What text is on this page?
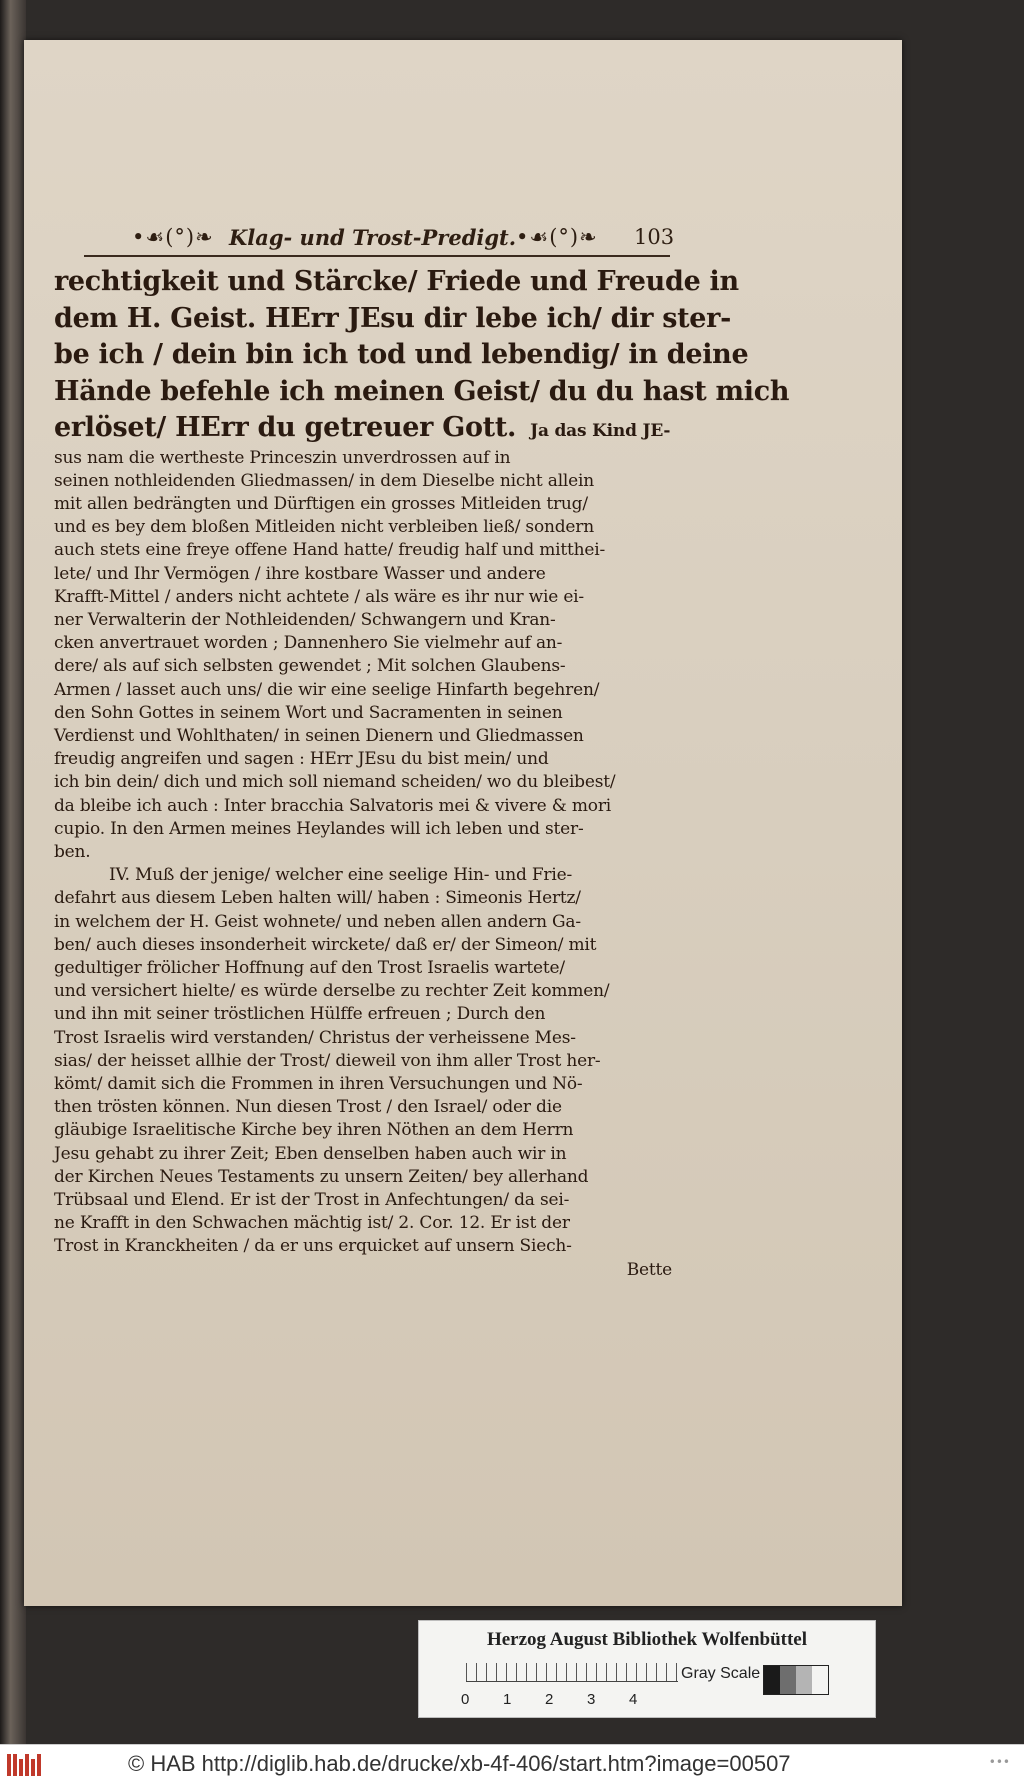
•☙(°)❧ Klag- und Trost-Predigt. •☙(°)❧ 103
rechtigkeit und Stärcke/ Friede und Freude in
dem H. Geist. HErr JEsu dir lebe ich/ dir ster-
be ich / dein bin ich tod und lebendig/ in deine
Hände befehle ich meinen Geist/ du du hast mich
erlöset/ HErr du getreuer Gott. Ja das Kind JE-
sus nam die wertheste Princeszin unverdrossen auf in
seinen nothleidenden Gliedmassen/ in dem Dieselbe nicht allein
mit allen bedrängten und Dürftigen ein grosses Mitleiden trug/
und es bey dem bloßen Mitleiden nicht verbleiben ließ/ sondern
auch stets eine freye offene Hand hatte/ freudig half und mitthei-
lete/ und Ihr Vermögen / ihre kostbare Wasser und andere
Krafft-Mittel / anders nicht achtete / als wäre es ihr nur wie ei-
ner Verwalterin der Nothleidenden/ Schwangern und Kran-
cken anvertrauet worden ; Dannenhero Sie vielmehr auf an-
dere/ als auf sich selbsten gewendet ; Mit solchen Glaubens-
Armen / lasset auch uns/ die wir eine seelige Hinfarth begehren/
den Sohn Gottes in seinem Wort und Sacramenten in seinen
Verdienst und Wohlthaten/ in seinen Dienern und Gliedmassen
freudig angreifen und sagen : HErr JEsu du bist mein/ und
ich bin dein/ dich und mich soll niemand scheiden/ wo du bleibest/
da bleibe ich auch : Inter bracchia Salvatoris mei & vivere & mori
cupio. In den Armen meines Heylandes will ich leben und ster-
ben.
IV. Muß der jenige/ welcher eine seelige Hin- und Frie-
defahrt aus diesem Leben halten will/ haben : Simeonis Hertz/
in welchem der H. Geist wohnete/ und neben allen andern Ga-
ben/ auch dieses insonderheit wirckete/ daß er/ der Simeon/ mit
gedultiger frölicher Hoffnung auf den Trost Israelis wartete/
und versichert hielte/ es würde derselbe zu rechter Zeit kommen/
und ihn mit seiner tröstlichen Hülffe erfreuen ; Durch den
Trost Israelis wird verstanden/ Christus der verheissene Mes-
sias/ der heisset allhie der Trost/ dieweil von ihm aller Trost her-
kömt/ damit sich die Frommen in ihren Versuchungen und Nö-
then trösten können. Nun diesen Trost / den Israel/ oder die
gläubige Israelitische Kirche bey ihren Nöthen an dem Herrn
Jesu gehabt zu ihrer Zeit; Eben denselben haben auch wir in
der Kirchen Neues Testaments zu unsern Zeiten/ bey allerhand
Trübsaal und Elend. Er ist der Trost in Anfechtungen/ da sei-
ne Krafft in den Schwachen mächtig ist/ 2. Cor. 12. Er ist der
Trost in Kranckheiten / da er uns erquicket auf unsern Siech-
Bette
Herzog August Bibliothek Wolfenbüttel
0 1 2 3 4
Gray Scale
© HAB http://diglib.hab.de/drucke/xb-4f-406/start.htm?image=00507	•••
